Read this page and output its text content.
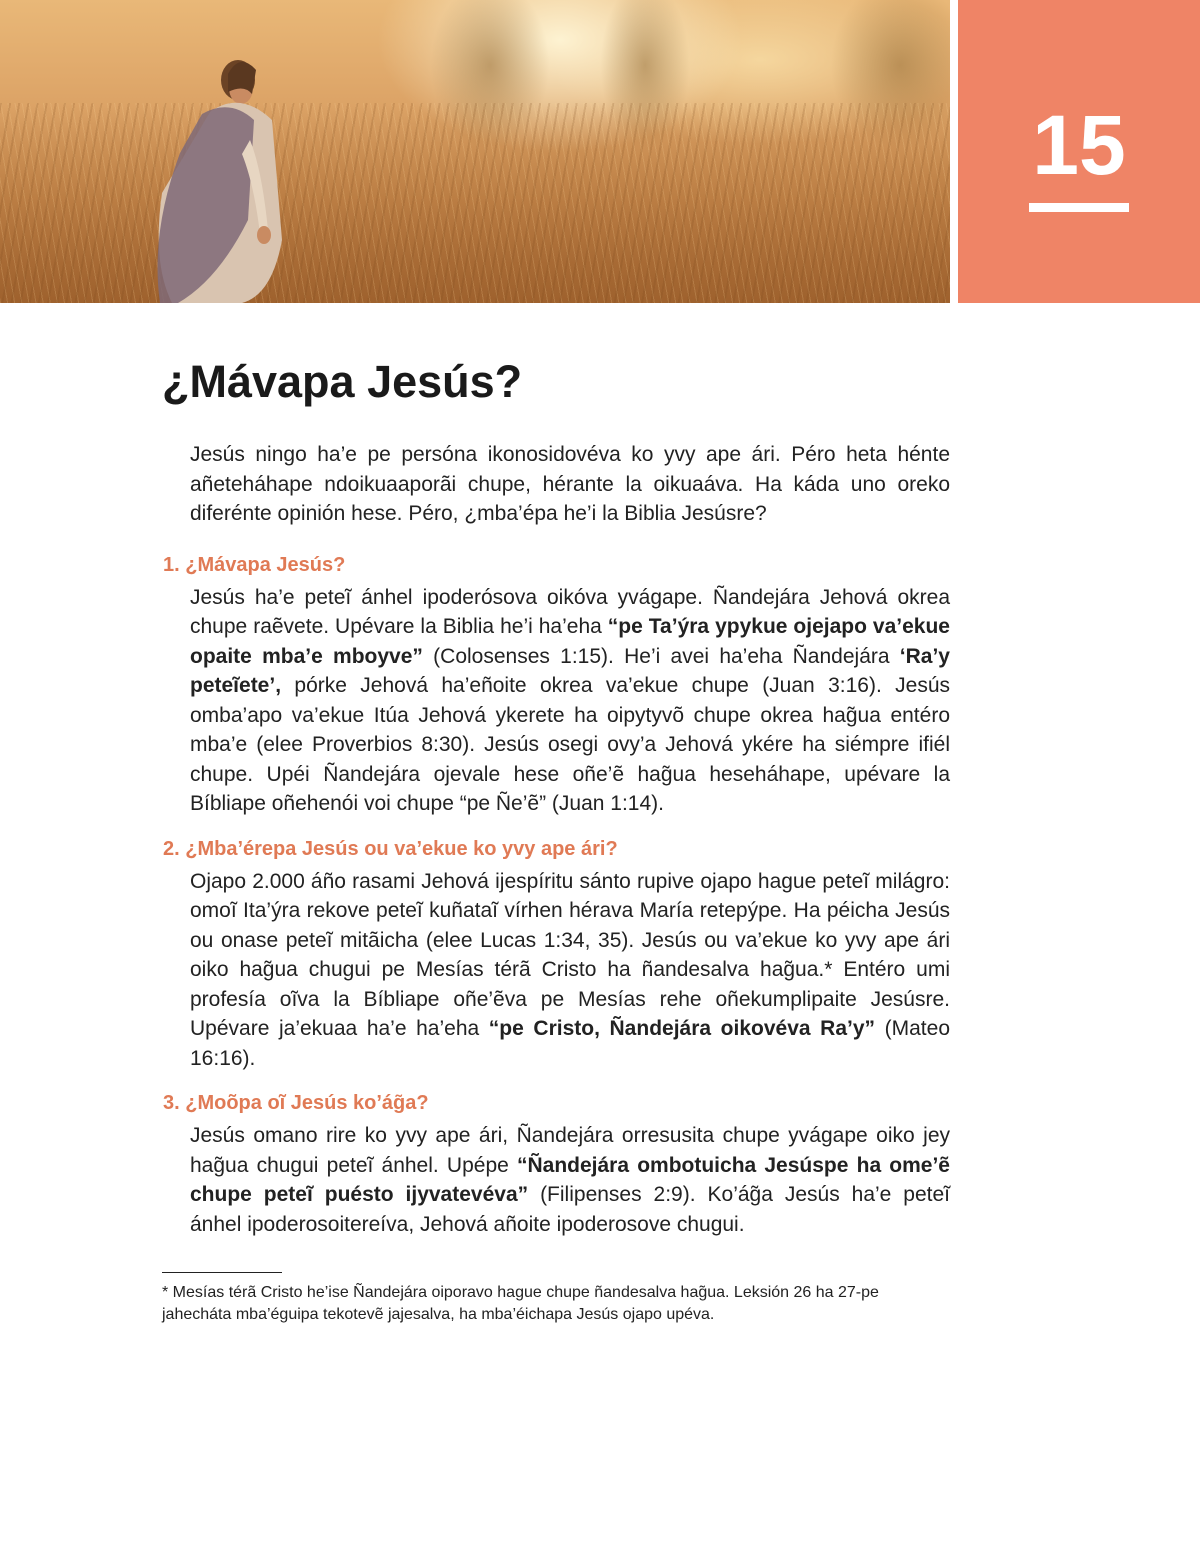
15
¿Mávapa Jesús?

Jesús ningo ha’e pe persóna ikonosidovéva ko yvy ape ári. Péro heta hénte añeteháhape ndoikuaaporãi chupe, hérante la oikuaáva. Ha káda uno oreko diferénte opinión hese. Péro, ¿mba’épa he’i la Biblia Jesúsre?

1. ¿Mávapa Jesús?

Jesús ha’e peteĩ ánhel ipoderósova oikóva yvágape. Ñandejára Jehová okrea chupe raẽvete. Upévare la Biblia he’i ha’eha “pe Ta’ýra ypykue ojejapo va’ekue opaite mba’e mboyve” (Colosenses 1:15). He’i avei ha’eha Ñandejára ‘Ra’y peteĩete’, pórke Jehová ha’eñoite okrea va’ekue chupe (Juan 3:16). Jesús omba’apo va’ekue Itúa Jehová ykerete ha oipytyvõ chupe okrea hag̃ua entéro mba’e (elee Proverbios 8:30). Jesús osegi ovy’a Jehová ykére ha siémpre ifiél chupe. Upéi Ñandejára ojevale hese oñe’ẽ hag̃ua heseháhape, upévare la Bíbliape oñehenói voi chupe “pe Ñe’ẽ” (Juan 1:14).

2. ¿Mba’érepa Jesús ou va’ekue ko yvy ape ári?

Ojapo 2.000 áño rasami Jehová ijespíritu sánto rupive ojapo hague peteĩ milágro: omoĩ Ita’ýra rekove peteĩ kuñataĩ vírhen hérava María retepýpe. Ha péicha Jesús ou onase peteĩ mitãicha (elee Lucas 1:34, 35). Jesús ou va’ekue ko yvy ape ári oiko hag̃ua chugui pe Mesías térã Cristo ha ñandesalva hag̃ua.* Entéro umi profesía oĩva la Bíbliape oñe’ẽva pe Mesías rehe oñekumplipaite Jesúsre. Upévare ja’ekuaa ha’e ha’eha “pe Cristo, Ñandejára oikovéva Ra’y” (Mateo 16:16).

3. ¿Moõpa oĩ Jesús ko’ág̃a?

Jesús omano rire ko yvy ape ári, Ñandejára orresusita chupe yvágape oiko jey hag̃ua chugui peteĩ ánhel. Upépe “Ñandejára ombotuicha Jesúspe ha ome’ẽ chupe peteĩ puésto ijyvatevéva” (Filipenses 2:9). Ko’ág̃a Jesús ha’e peteĩ ánhel ipoderosoitereíva, Jehová añoite ipoderosove chugui.

* Mesías térã Cristo he’ise Ñandejára oiporavo hague chupe ñandesalva hag̃ua. Leksión 26 ha 27-pe jahecháta mba’éguipa tekotevẽ jajesalva, ha mba’éichapa Jesús ojapo upéva.
